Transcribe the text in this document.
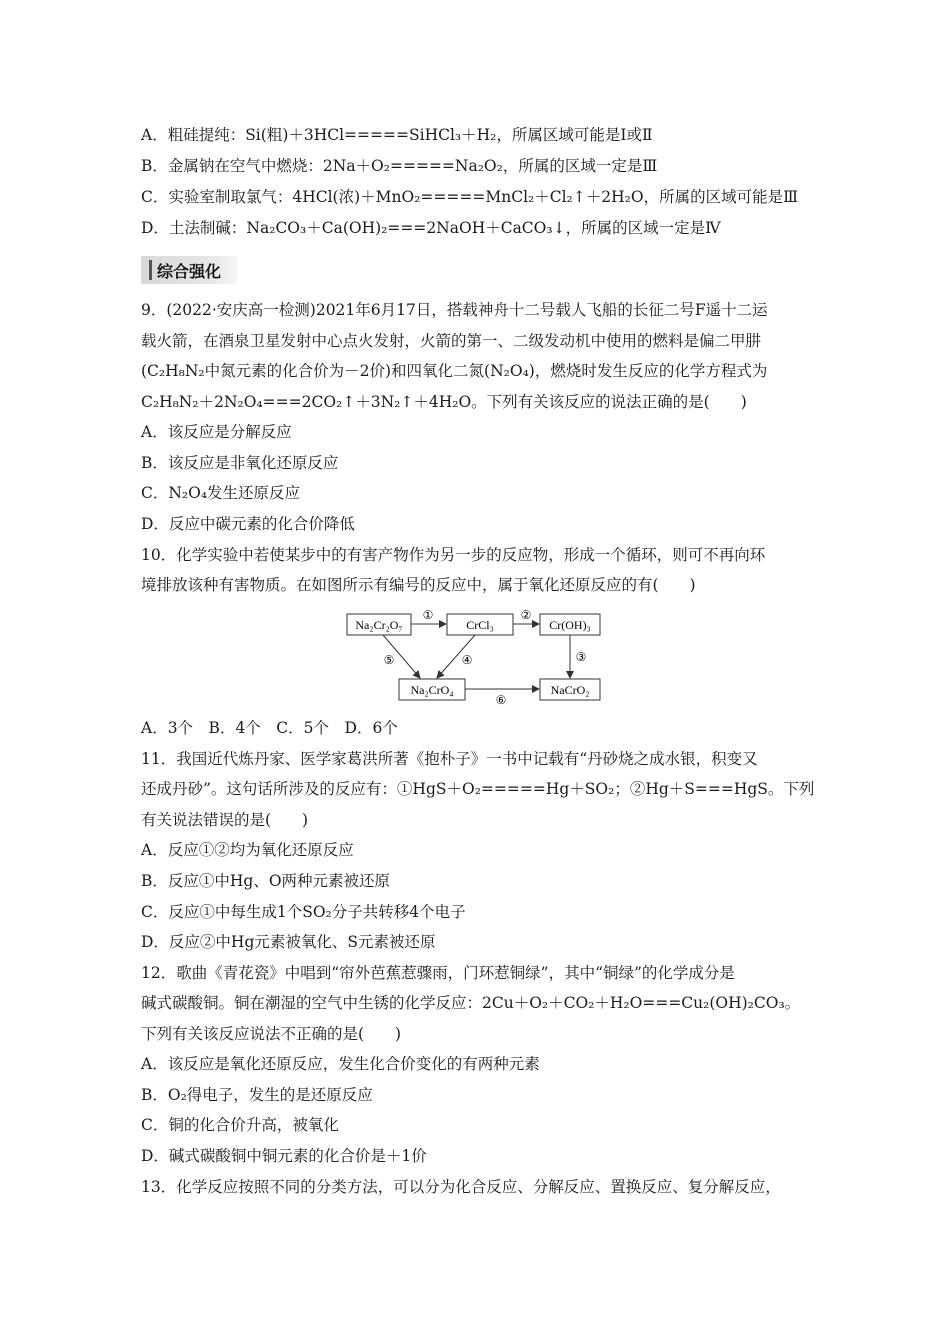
A．粗硅提纯：Si(粗)＋3HCl=====SiHCl₃＋H₂，所属区域可能是Ⅰ或Ⅱ
B．金属钠在空气中燃烧：2Na＋O₂=====Na₂O₂，所属的区域一定是Ⅲ
C．实验室制取氯气：4HCl(浓)＋MnO₂=====MnCl₂＋Cl₂↑＋2H₂O，所属的区域可能是Ⅲ
D．土法制碱：Na₂CO₃＋Ca(OH)₂===2NaOH＋CaCO₃↓，所属的区域一定是Ⅳ
综合强化
9．(2022·安庆高一检测)2021年6月17日，搭载神舟十二号载人飞船的长征二号F遥十二运
载火箭，在酒泉卫星发射中心点火发射，火箭的第一、二级发动机中使用的燃料是偏二甲肼
(C₂H₈N₂中氮元素的化合价为－2价)和四氧化二氮(N₂O₄)，燃烧时发生反应的化学方程式为
C₂H₈N₂＋2N₂O₄===2CO₂↑＋3N₂↑＋4H₂O。下列有关该反应的说法正确的是(　　)
A．该反应是分解反应
B．该反应是非氧化还原反应
C．N₂O₄发生还原反应
D．反应中碳元素的化合价降低
10．化学实验中若使某步中的有害产物作为另一步的反应物，形成一个循环，则可不再向环
境排放该种有害物质。在如图所示有编号的反应中，属于氧化还原反应的有(　　)
Na₂Cr₂O₇	CrCl₃	Cr(OH)₃
Na₂CrO₄	NaCrO₂
①	②
③
④
⑤
⑥
A．3个　B．4个　C．5个　D．6个
11．我国近代炼丹家、医学家葛洪所著《抱朴子》一书中记载有“丹砂烧之成水银，积变又
还成丹砂”。这句话所涉及的反应有：①HgS＋O₂=====Hg＋SO₂；②Hg＋S===HgS。下列
有关说法错误的是(　　)
A．反应①②均为氧化还原反应
B．反应①中Hg、O两种元素被还原
C．反应①中每生成1个SO₂分子共转移4个电子
D．反应②中Hg元素被氧化、S元素被还原
12．歌曲《青花瓷》中唱到“帘外芭蕉惹骤雨，门环惹铜绿”，其中“铜绿”的化学成分是
碱式碳酸铜。铜在潮湿的空气中生锈的化学反应：2Cu＋O₂＋CO₂＋H₂O===Cu₂(OH)₂CO₃。
下列有关该反应说法不正确的是(　　)
A．该反应是氧化还原反应，发生化合价变化的有两种元素
B．O₂得电子，发生的是还原反应
C．铜的化合价升高，被氧化
D．碱式碳酸铜中铜元素的化合价是＋1价
13．化学反应按照不同的分类方法，可以分为化合反应、分解反应、置换反应、复分解反应，
